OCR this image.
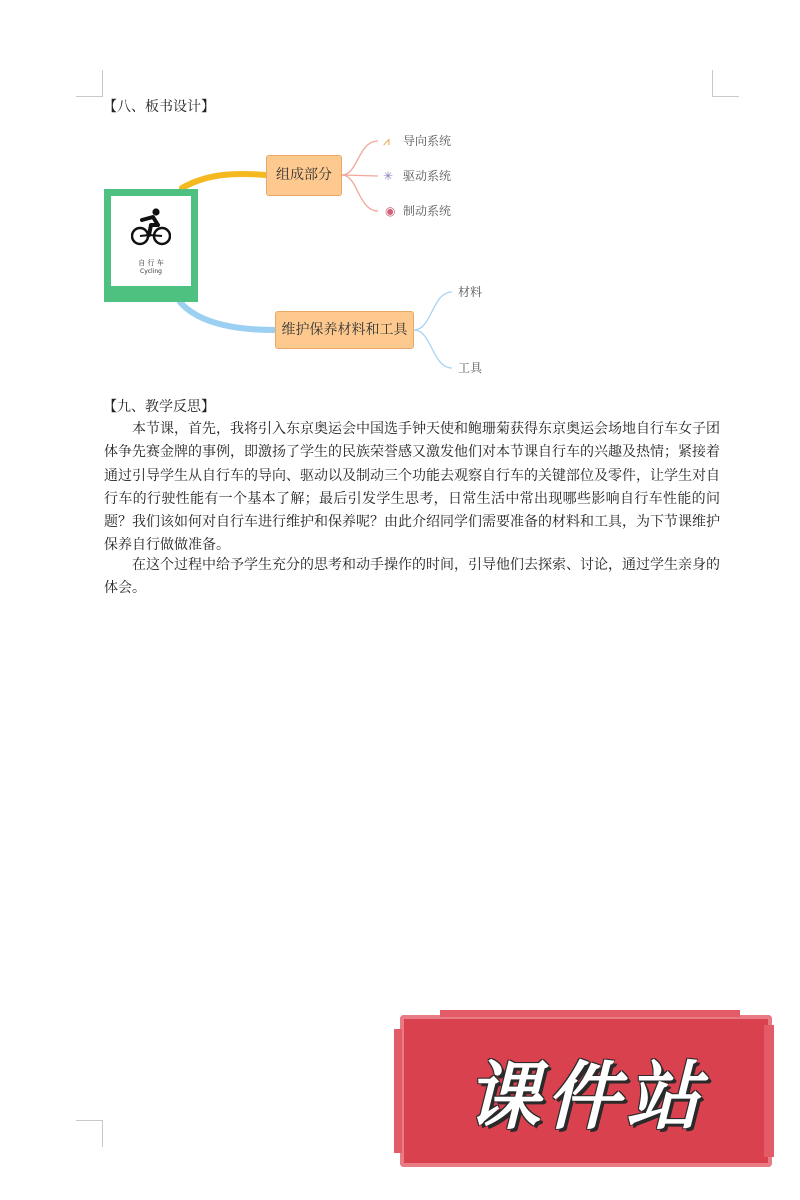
【八、板书设计】
自 行 车
Cycling
组成部分
维护保养材料和工具
⩘
✳
◉
导向系统
驱动系统
制动系统
材料
工具
【九、教学反思】

本节课，首先，我将引入东京奥运会中国选手钟天使和鲍珊菊获得东京奥运会场地自行车女子团体争先赛金牌的事例，即激扬了学生的民族荣誉感又激发他们对本节课自行车的兴趣及热情；紧接着通过引导学生从自行车的导向、驱动以及制动三个功能去观察自行车的关键部位及零件，让学生对自行车的行驶性能有一个基本了解；最后引发学生思考，日常生活中常出现哪些影响自行车性能的问题？我们该如何对自行车进行维护和保养呢？由此介绍同学们需要准备的材料和工具，为下节课维护保养自行做做准备。

在这个过程中给予学生充分的思考和动手操作的时间，引导他们去探索、讨论，通过学生亲身的体会。

课件站
